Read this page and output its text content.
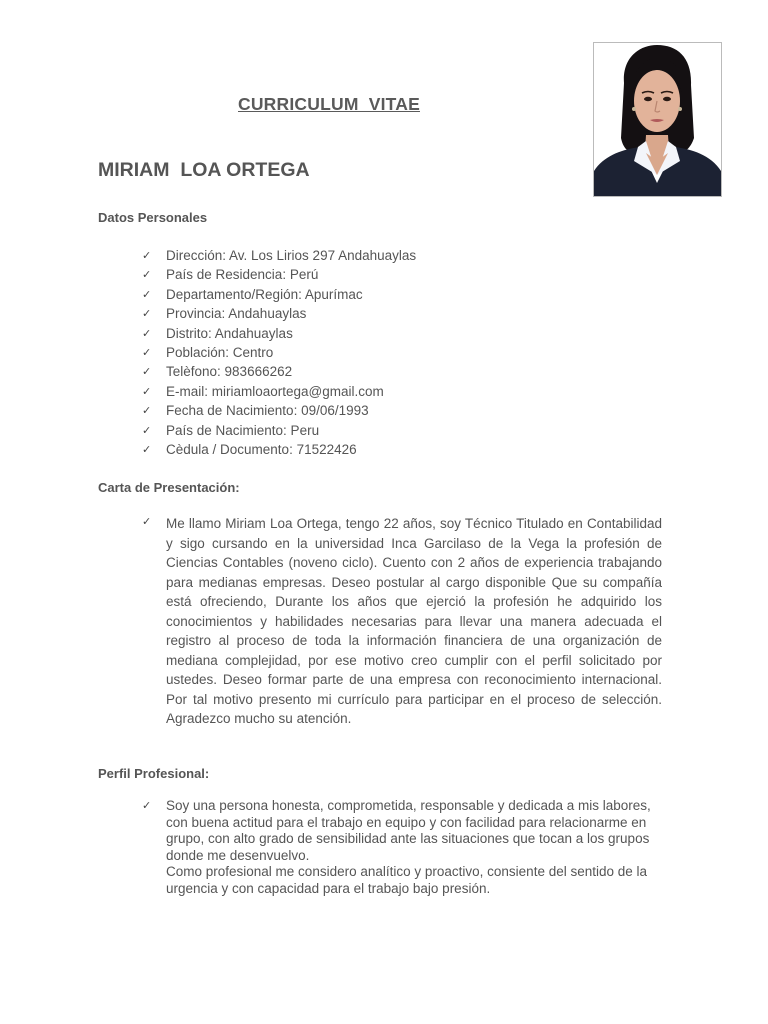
CURRICULUM  VITAE
MIRIAM  LOA ORTEGA
Datos Personales
✓ Dirección: Av. Los Lirios 297 Andahuaylas
✓ País de Residencia: Perú
✓ Departamento/Región: Apurímac
✓ Provincia: Andahuaylas
✓ Distrito: Andahuaylas
✓ Población: Centro
✓ Telèfono: 983666262
✓ E-mail: miriamloaortega@gmail.com
✓ Fecha de Nacimiento: 09/06/1993
✓ País de Nacimiento: Peru
✓ Cèdula / Documento: 71522426
Carta de Presentación:
✓ Me llamo Miriam Loa Ortega, tengo 22 años, soy Técnico Titulado en Contabilidad y sigo cursando en la universidad Inca Garcilaso de la Vega la profesión de Ciencias Contables (noveno ciclo). Cuento con 2 años de experiencia trabajando para medianas empresas. Deseo postular al cargo disponible Que su compañía está ofreciendo, Durante los años que ejerció la profesión he adquirido los conocimientos y habilidades necesarias para llevar una manera adecuada el registro al proceso de toda la información financiera de una organización de mediana complejidad, por ese motivo creo cumplir con el perfil solicitado por ustedes. Deseo formar parte de una empresa con reconocimiento internacional. Por tal motivo presento mi currículo para participar en el proceso de selección. Agradezco mucho su atención.

Perfil Profesional:
✓ Soy una persona honesta, comprometida, responsable y dedicada a mis labores, con buena actitud para el trabajo en equipo y con facilidad para relacionarme en grupo, con alto grado de sensibilidad ante las situaciones que tocan a los grupos donde me desenvuelvo.

Como profesional me considero analítico y proactivo, consiente del sentido de la urgencia y con capacidad para el trabajo bajo presión.
